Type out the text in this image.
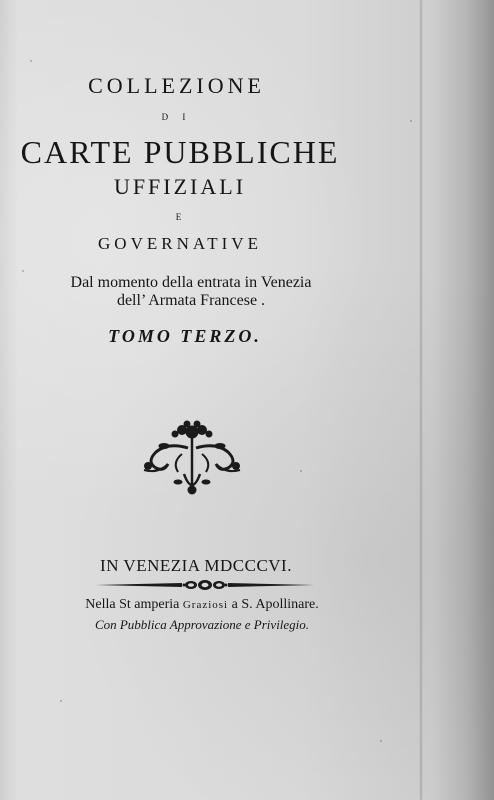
COLLEZIONE
D I
CARTE PUBBLICHE
UFFIZIALI
E
GOVERNATIVE
Dal momento della entrata in Venezia
dell’ Armata Francese .
TOMO TERZO.
IN VENEZIA MDCCCVI.
Nella St amperia Graziosi a S. Apollinare.
Con Pubblica Approvazione e Privilegio.
